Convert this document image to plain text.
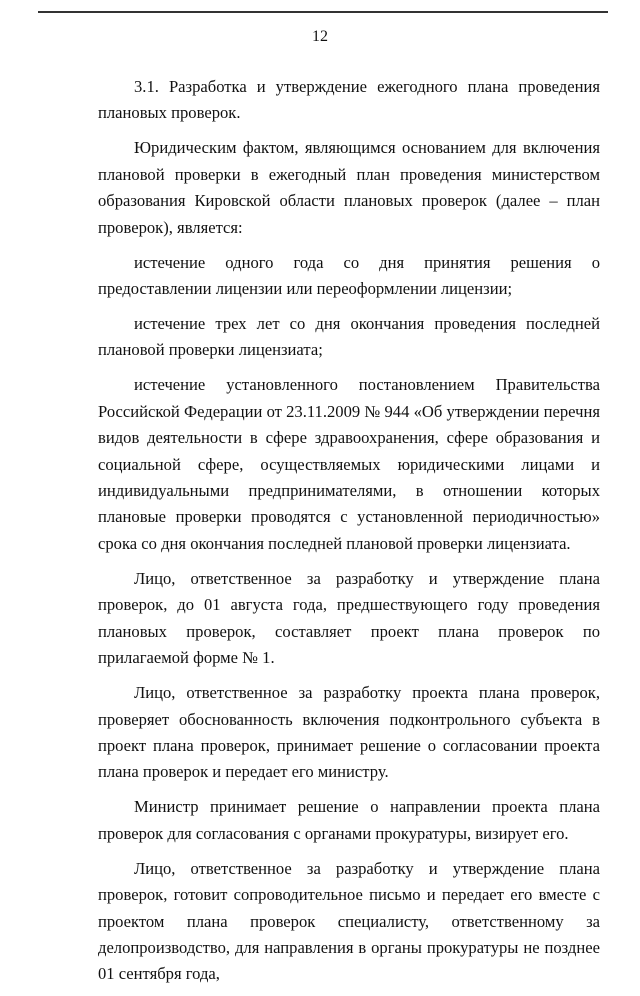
12

3.1. Разработка и утверждение ежегодного плана проведения плановых проверок.

Юридическим фактом, являющимся основанием для включения плановой проверки в ежегодный план проведения министерством образования Кировской области плановых проверок (далее – план проверок), является:

истечение одного года со дня принятия решения о предоставлении лицензии или переоформлении лицензии;

истечение трех лет со дня окончания проведения последней плановой проверки лицензиата;

истечение установленного постановлением Правительства Российской Федерации от 23.11.2009 № 944 «Об утверждении перечня видов деятельности в сфере здравоохранения, сфере образования и социальной сфере, осуществляемых юридическими лицами и индивидуальными предпринимателями, в отношении которых плановые проверки проводятся с установленной периодичностью» срока со дня окончания последней плановой проверки лицензиата.

Лицо, ответственное за разработку и утверждение плана проверок, до 01 августа года, предшествующего году проведения плановых проверок, составляет проект плана проверок по прилагаемой форме № 1.

Лицо, ответственное за разработку проекта плана проверок, проверяет обоснованность включения подконтрольного субъекта в проект плана проверок, принимает решение о согласовании проекта плана проверок и передает его министру.

Министр принимает решение о направлении проекта плана проверок для согласования с органами прокуратуры, визирует его.

Лицо, ответственное за разработку и утверждение плана проверок, готовит сопроводительное письмо и передает его вместе с проектом плана проверок специалисту, ответственному за делопроизводство, для направления в органы прокуратуры не позднее 01 сентября года,
